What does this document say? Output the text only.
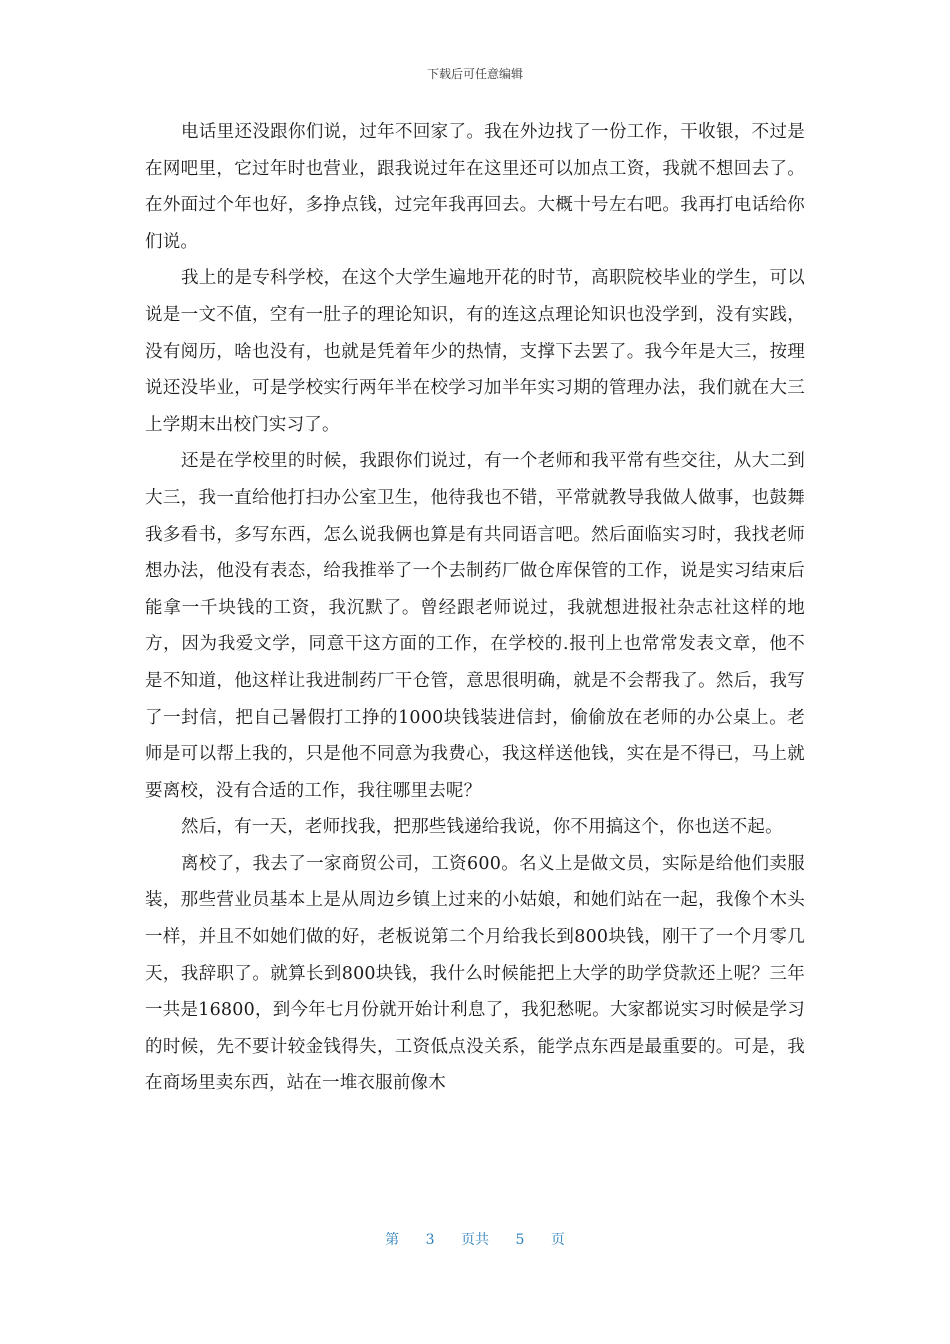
下载后可任意编辑

电话里还没跟你们说，过年不回家了。我在外边找了一份工作，干收银，不过是在网吧里，它过年时也营业，跟我说过年在这里还可以加点工资，我就不想回去了。在外面过个年也好，多挣点钱，过完年我再回去。大概十号左右吧。我再打电话给你们说。

我上的是专科学校，在这个大学生遍地开花的时节，高职院校毕业的学生，可以说是一文不值，空有一肚子的理论知识，有的连这点理论知识也没学到，没有实践，没有阅历，啥也没有，也就是凭着年少的热情，支撑下去罢了。我今年是大三，按理说还没毕业，可是学校实行两年半在校学习加半年实习期的管理办法，我们就在大三上学期末出校门实习了。

还是在学校里的时候，我跟你们说过，有一个老师和我平常有些交往，从大二到大三，我一直给他打扫办公室卫生，他待我也不错，平常就教导我做人做事，也鼓舞我多看书，多写东西，怎么说我俩也算是有共同语言吧。然后面临实习时，我找老师想办法，他没有表态，给我推举了一个去制药厂做仓库保管的工作，说是实习结束后能拿一千块钱的工资，我沉默了。曾经跟老师说过，我就想进报社杂志社这样的地方，因为我爱文学，同意干这方面的工作，在学校的.报刊上也常常发表文章，他不是不知道，他这样让我进制药厂干仓管，意思很明确，就是不会帮我了。然后，我写了一封信，把自己暑假打工挣的1000块钱装进信封，偷偷放在老师的办公桌上。老师是可以帮上我的，只是他不同意为我费心，我这样送他钱，实在是不得已，马上就要离校，没有合适的工作，我往哪里去呢？

然后，有一天，老师找我，把那些钱递给我说，你不用搞这个，你也送不起。

离校了，我去了一家商贸公司，工资600。名义上是做文员，实际是给他们卖服装，那些营业员基本上是从周边乡镇上过来的小姑娘，和她们站在一起，我像个木头一样，并且不如她们做的好，老板说第二个月给我长到800块钱，刚干了一个月零几天，我辞职了。就算长到800块钱，我什么时候能把上大学的助学贷款还上呢？三年一共是16800，到今年七月份就开始计利息了，我犯愁呢。大家都说实习时候是学习的时候，先不要计较金钱得失，工资低点没关系，能学点东西是最重要的。可是，我在商场里卖东西，站在一堆衣服前像木

第 3 页共 5 页
